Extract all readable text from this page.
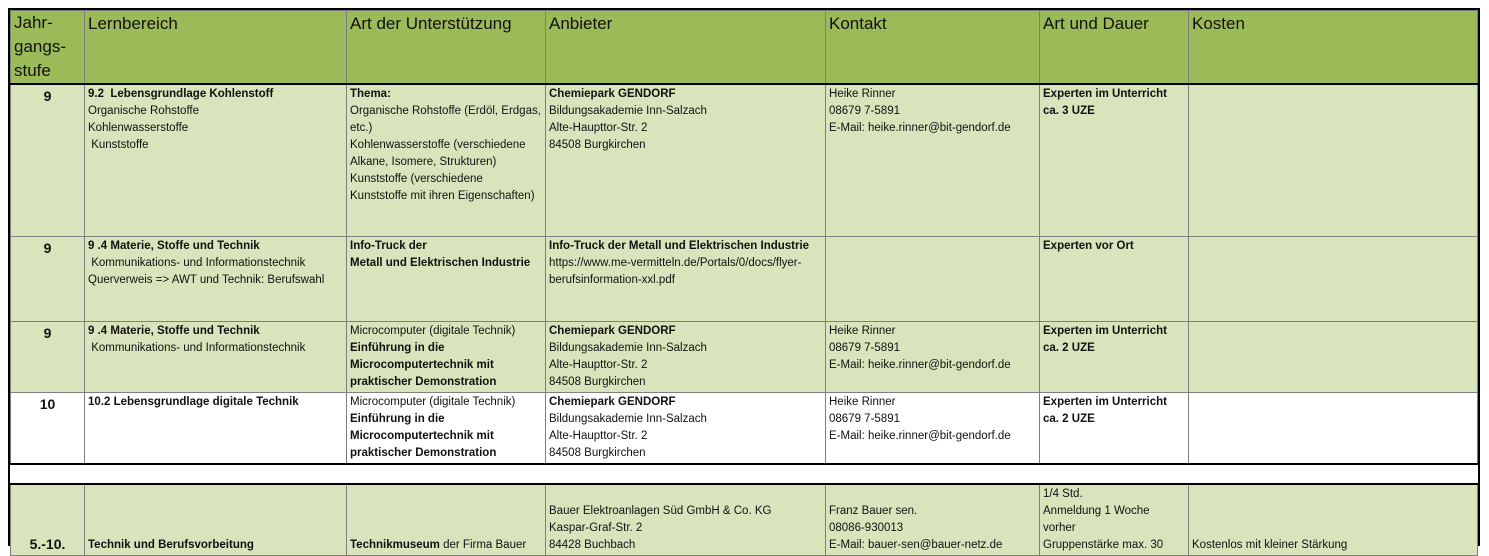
Jahr-
gangs-
stufe	Lernbereich	Art der Unterstützung	Anbieter	Kontakt	Art und Dauer	Kosten
9	9.2  Lebensgrundlage Kohlenstoff
Organische Rohstoffe
Kohlenwasserstoffe
Kunststoffe	Thema:
Organische Rohstoffe (Erdöl, Erdgas, etc.)
Kohlenwasserstoffe (verschiedene Alkane, Isomere, Strukturen)
Kunststoffe (verschiedene Kunststoffe mit ihren Eigenschaften)	Chemiepark GENDORF
Bildungsakademie Inn-Salzach
Alte-Haupttor-Str. 2
84508 Burgkirchen	Heike Rinner
08679 7-5891
E-Mail: heike.rinner@bit-gendorf.de	Experten im Unterricht
ca. 3 UZE	

9	9 .4 Materie, Stoffe und Technik
Kommunikations- und Informationstechnik
Querverweis => AWT und Technik: Berufswahl	Info-Truck der
Metall und Elektrischen Industrie	Info-Truck der Metall und Elektrischen Industrie
https://www.me-vermitteln.de/Portals/0/docs/flyer-berufsinformation-xxl.pdf		Experten vor Ort	

9	9 .4 Materie, Stoffe und Technik
Kommunikations- und Informationstechnik	Microcomputer (digitale Technik)
Einführung in die Microcomputertechnik mit praktischer Demonstration	Chemiepark GENDORF
Bildungsakademie Inn-Salzach
Alte-Haupttor-Str. 2
84508 Burgkirchen	Heike Rinner
08679 7-5891
E-Mail: heike.rinner@bit-gendorf.de	Experten im Unterricht
ca. 2 UZE	

10	10.2 Lebensgrundlage digitale Technik	Microcomputer (digitale Technik)
Einführung in die Microcomputertechnik mit praktischer Demonstration	Chemiepark GENDORF
Bildungsakademie Inn-Salzach
Alte-Haupttor-Str. 2
84508 Burgkirchen	Heike Rinner
08679 7-5891
E-Mail: heike.rinner@bit-gendorf.de	Experten im Unterricht
ca. 2 UZE	

5.-10.	Technik und Berufsvorbeitung	Technikmuseum der Firma Bauer	Bauer Elektroanlagen Süd GmbH & Co. KG
Kaspar-Graf-Str. 2
84428 Buchbach	Franz Bauer sen.
08086-930013
E-Mail: bauer-sen@bauer-netz.de	1/4 Std.
Anmeldung 1 Woche vorher
Gruppenstärke max. 30	Kostenlos mit kleiner Stärkung
